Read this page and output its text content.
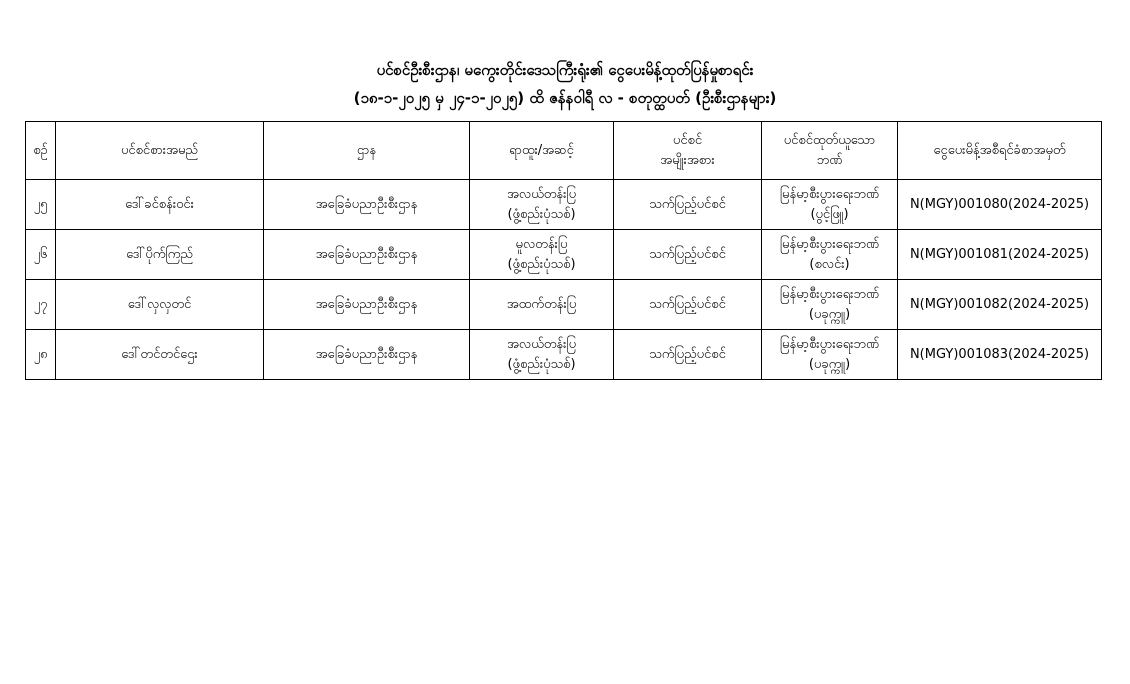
ပင်စင်ဦးစီးဌာန၊ မကွေးတိုင်းဒေသကြီးရုံး၏ ငွေပေးမိန့်ထုတ်ပြန်မှုစာရင်း
(၁၈-၁-၂၀၂၅ မှ ၂၄-၁-၂၀၂၅) ထိ ဇန်နဝါရီ လ - စတုတ္ထပတ် (ဦးစီးဌာနများ)
စဉ်	ပင်စင်စားအမည်	ဌာန	ရာထူး/အဆင့်	ပင်စင်
အမျိုးအစား	ပင်စင်ထုတ်ယူသော
ဘဏ်	ငွေပေးမိန့်အစီရင်ခံစာအမှတ်
၂၅	ဒေါ်ခင်စန်းဝင်း	အခြေခံပညာဦးစီးဌာန	အလယ်တန်းပြ
(ဖွံ့စည်းပုံသစ်)	သက်ပြည့်ပင်စင်	မြန်မာ့စီးပွားရေးဘဏ်
(ပွင့်ဖြူ)	N(MGY)001080(2024-2025)
၂၆	ဒေါ်ပိုက်ကြည်	အခြေခံပညာဦးစီးဌာန	မူလတန်းပြ
(ဖွံ့စည်းပုံသစ်)	သက်ပြည့်ပင်စင်	မြန်မာ့စီးပွားရေးဘဏ်
(စလင်း)	N(MGY)001081(2024-2025)
၂၇	ဒေါ်လှလှတင်	အခြေခံပညာဦးစီးဌာန	အထက်တန်းပြ	သက်ပြည့်ပင်စင်	မြန်မာ့စီးပွားရေးဘဏ်
(ပခုက္ကူ)	N(MGY)001082(2024-2025)
၂၈	ဒေါ်တင်တင်ဌေး	အခြေခံပညာဦးစီးဌာန	အလယ်တန်းပြ
(ဖွံ့စည်းပုံသစ်)	သက်ပြည့်ပင်စင်	မြန်မာ့စီးပွားရေးဘဏ်
(ပခုက္ကူ)	N(MGY)001083(2024-2025)
